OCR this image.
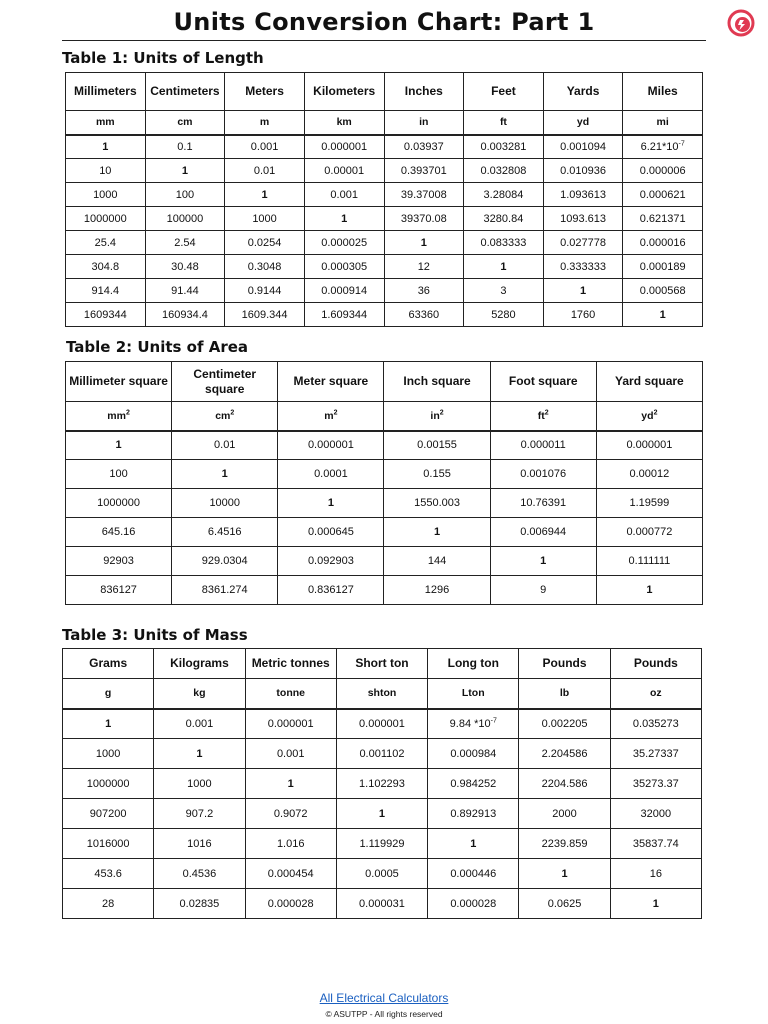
Units Conversion Chart: Part 1
Table 1: Units of Length
Millimeters	Centimeters	Meters	Kilometers	Inches	Feet	Yards	Miles
mm	cm	m	km	in	ft	yd	mi
1	0.1	0.001	0.000001	0.03937	0.003281	0.001094	$6.21*10^{-7}$
10	1	0.01	0.00001	0.393701	0.032808	0.010936	0.000006
1000	100	1	0.001	39.37008	3.28084	1.093613	0.000621
1000000	100000	1000	1	39370.08	3280.84	1093.613	0.621371
25.4	2.54	0.0254	0.000025	1	0.083333	0.027778	0.000016
304.8	30.48	0.3048	0.000305	12	1	0.333333	0.000189
914.4	91.44	0.9144	0.000914	36	3	1	0.000568
1609344	160934.4	1609.344	1.609344	63360	5280	1760	1
Table 2: Units of Area
Millimeter square	Centimeter square	Meter square	Inch square	Foot square	Yard square
$mm^2$	$cm^2$	$m^2$	$in^2$	$ft^2$	$yd^2$
1	0.01	0.000001	0.00155	0.000011	0.000001
100	1	0.0001	0.155	0.001076	0.00012
1000000	10000	1	1550.003	10.76391	1.19599
645.16	6.4516	0.000645	1	0.006944	0.000772
92903	929.0304	0.092903	144	1	0.111111
836127	8361.274	0.836127	1296	9	1
Table 3: Units of Mass
Grams	Kilograms	Metric tonnes	Short ton	Long ton	Pounds	Pounds
g	kg	tonne	shton	Lton	lb	oz
1	0.001	0.000001	0.000001	9.84 $*10^{-7}$	0.002205	0.035273
1000	1	0.001	0.001102	0.000984	2.204586	35.27337
1000000	1000	1	1.102293	0.984252	2204.586	35273.37
907200	907.2	0.9072	1	0.892913	2000	32000
1016000	1016	1.016	1.119929	1	2239.859	35837.74
453.6	0.4536	0.000454	0.0005	0.000446	1	16
28	0.02835	0.000028	0.000031	0.000028	0.0625	1
All Electrical Calculators
© ASUTPP - All rights reserved
